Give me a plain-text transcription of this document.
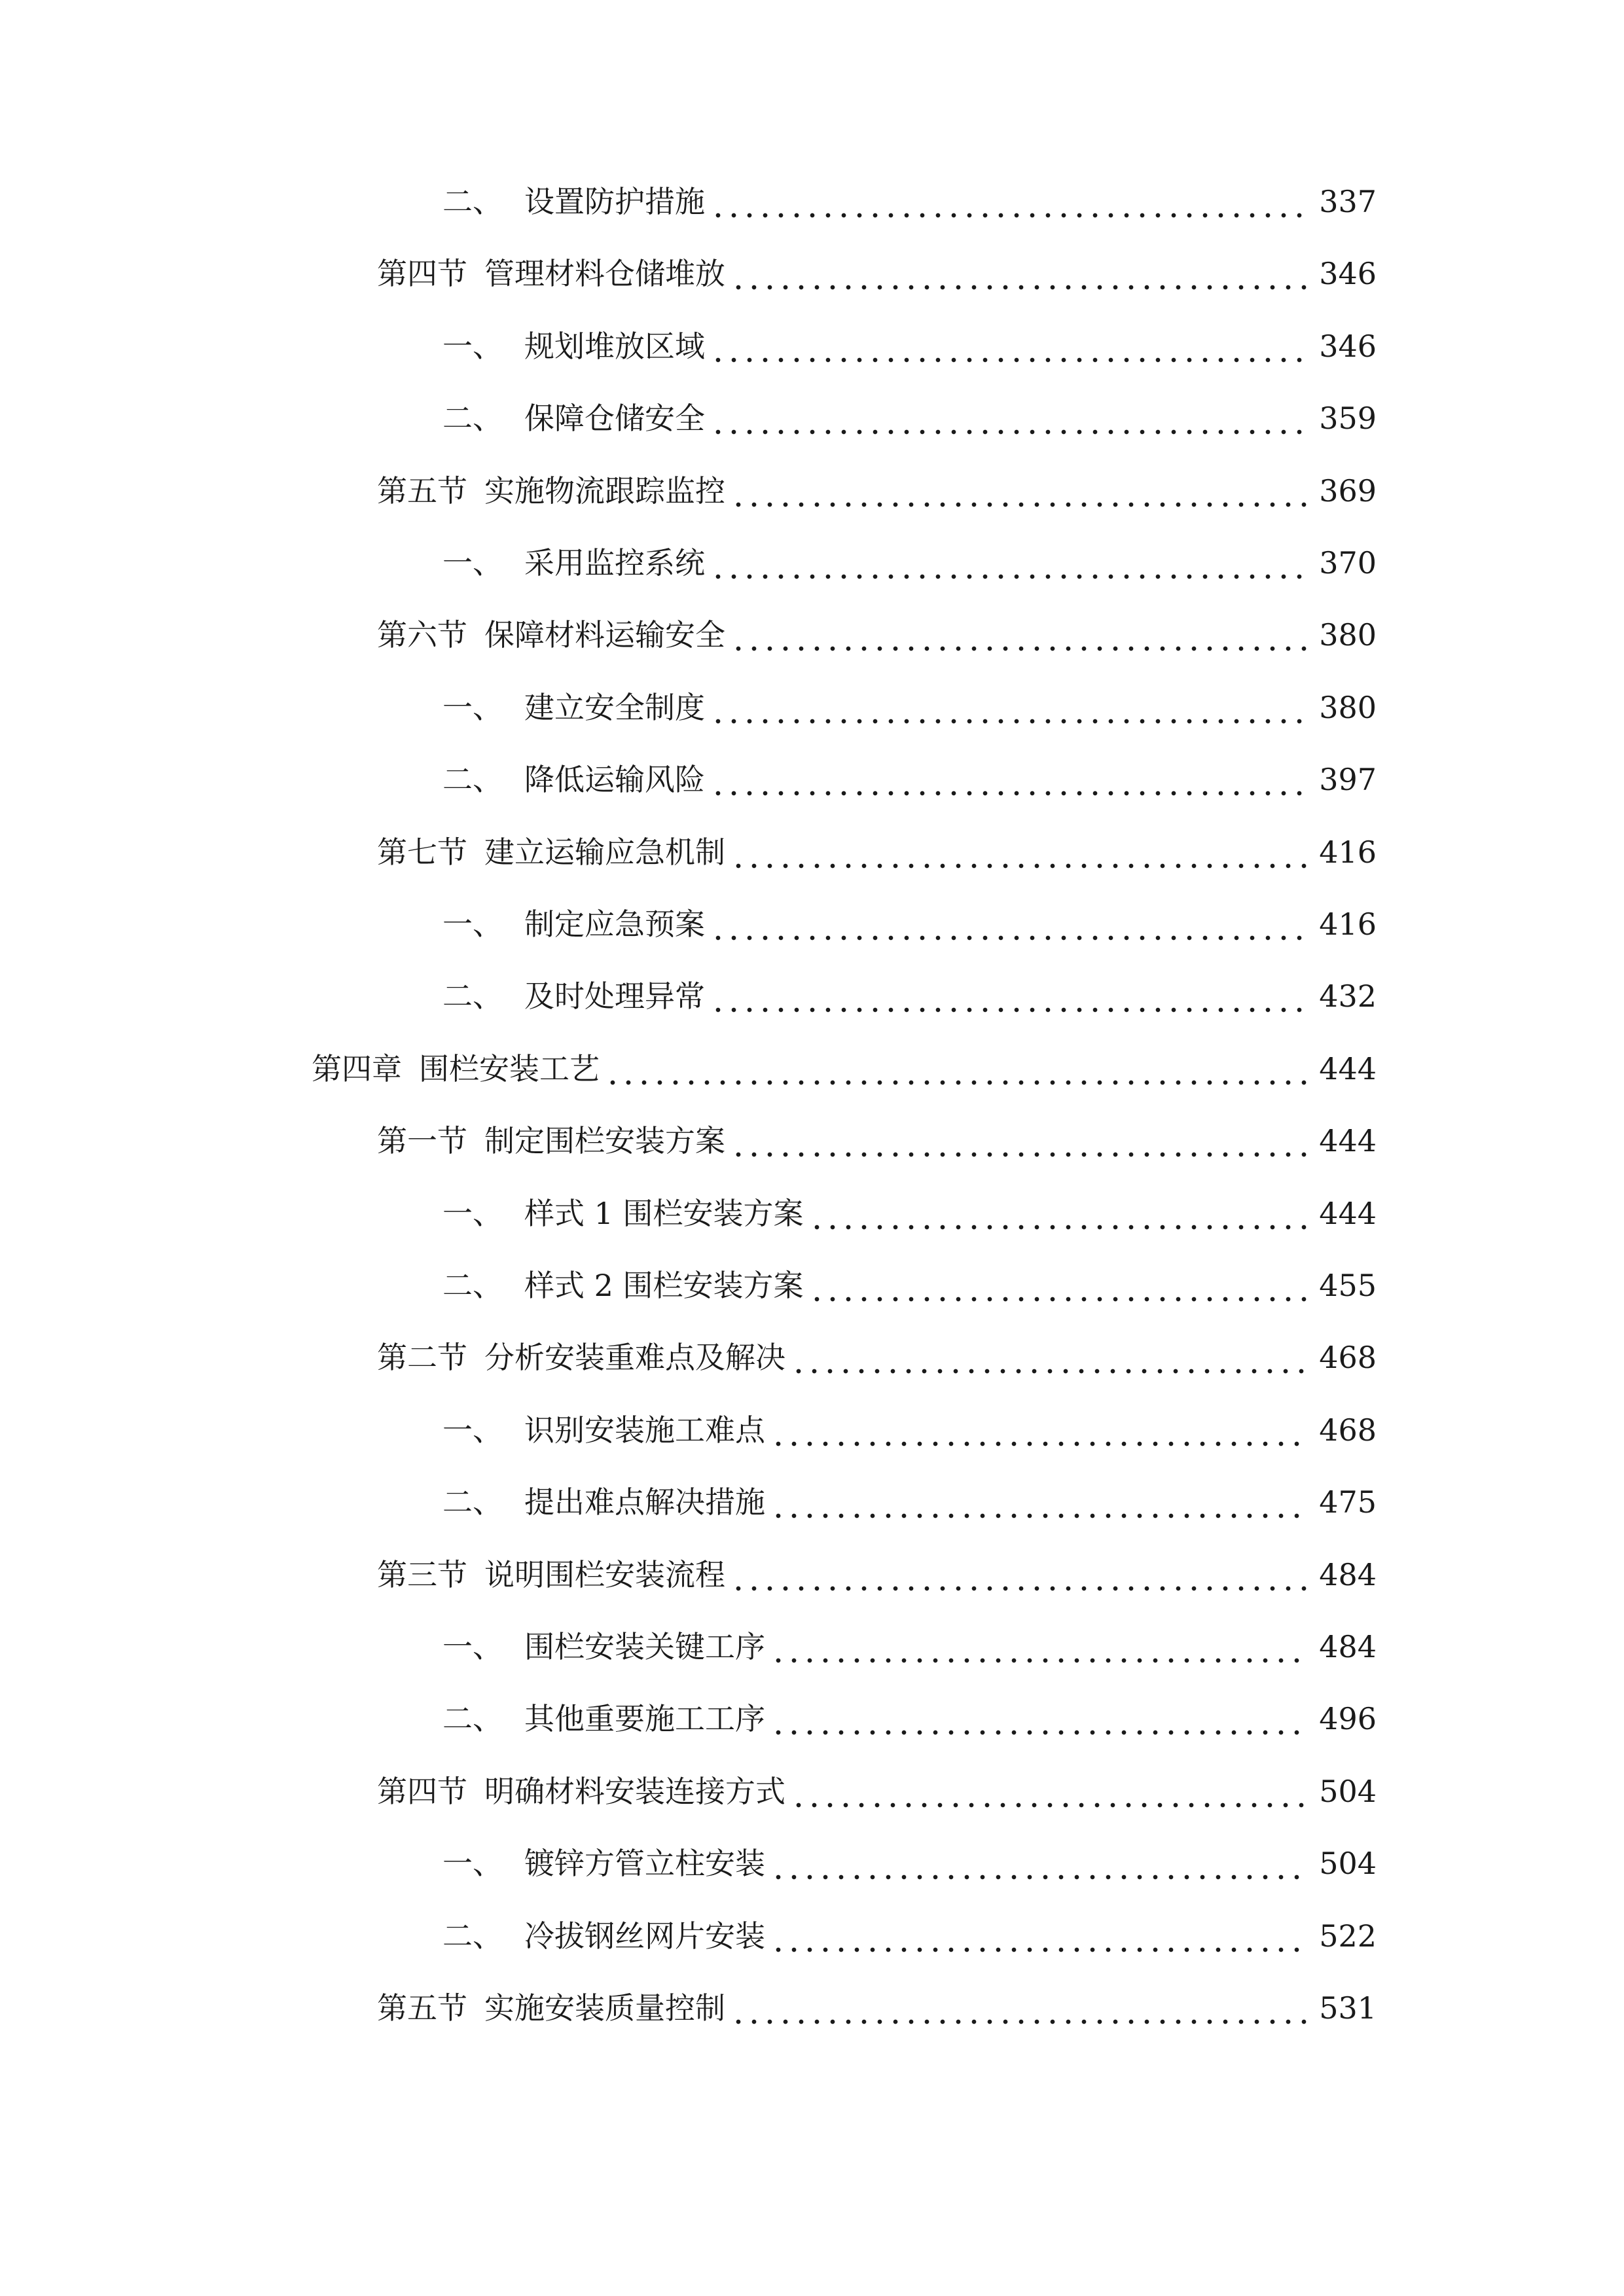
二、 设置防护措施	337
第四节 管理材料仓储堆放	346
一、 规划堆放区域	346
二、 保障仓储安全	359
第五节 实施物流跟踪监控	369
一、 采用监控系统	370
第六节 保障材料运输安全	380
一、 建立安全制度	380
二、 降低运输风险	397
第七节 建立运输应急机制	416
一、 制定应急预案	416
二、 及时处理异常	432
第四章 围栏安装工艺	444
第一节 制定围栏安装方案	444
一、 样式 1 围栏安装方案	444
二、 样式 2 围栏安装方案	455
第二节 分析安装重难点及解决	468
一、 识别安装施工难点	468
二、 提出难点解决措施	475
第三节 说明围栏安装流程	484
一、 围栏安装关键工序	484
二、 其他重要施工工序	496
第四节 明确材料安装连接方式	504
一、 镀锌方管立柱安装	504
二、 冷拔钢丝网片安装	522
第五节 实施安装质量控制	531
